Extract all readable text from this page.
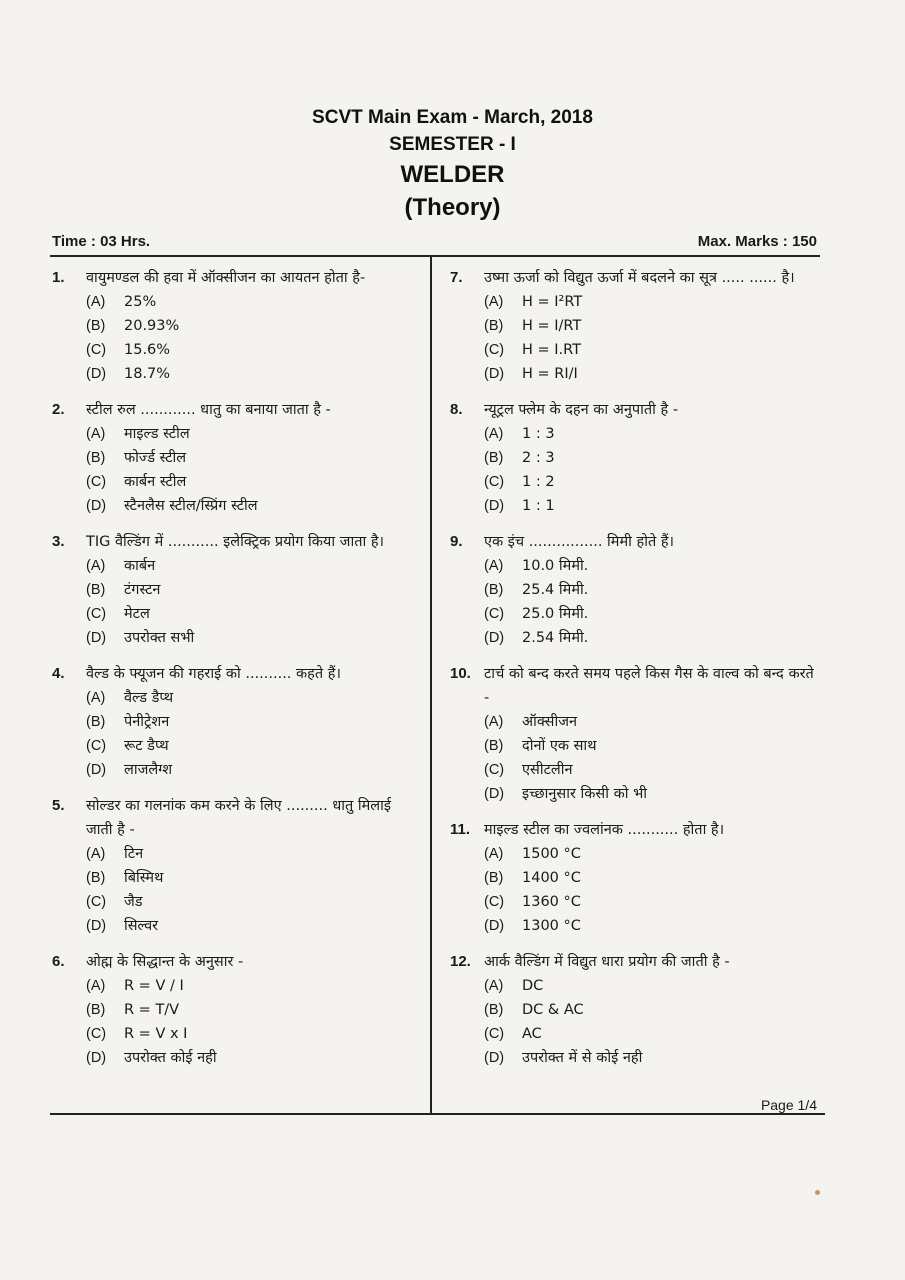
SCVT Main Exam - March, 2018
SEMESTER - I
WELDER
(Theory)
Time : 03 Hrs.	Max. Marks : 150
1.	वायुमण्डल की हवा में ऑक्सीजन का आयतन होता है-
(A)	25%
(B)	20.93%
(C)	15.6%
(D)	18.7%
2.	स्टील रुल ............ धातु का बनाया जाता है -
(A)	माइल्ड स्टील
(B)	फोर्ज्ड स्टील
(C)	कार्बन स्टील
(D)	स्टैनलैस स्टील/स्प्रिंग स्टील
3.	TIG वैल्डिंग में ........... इलेक्ट्रिक प्रयोग किया जाता है।
(A)	कार्बन
(B)	टंगस्टन
(C)	मेटल
(D)	उपरोक्त सभी
4.	वैल्ड के फ्यूजन की गहराई को .......... कहते हैं।
(A)	वैल्ड डैप्थ
(B)	पेनीट्रेशन
(C)	रूट डैप्थ
(D)	लाजलैग्श
5.	सोल्डर का गलनांक कम करने के लिए ......... धातु मिलाई जाती है -
(A)	टिन
(B)	बिस्मिथ
(C)	जैड
(D)	सिल्वर
6.	ओह्म के सिद्धान्त के अनुसार -
(A)	R = V / I
(B)	R = T/V
(C)	R = V x I
(D)	उपरोक्त कोई नही
7.	उष्मा ऊर्जा को विद्युत ऊर्जा में बदलने का सूत्र ..... ...... है।
(A)	H = I²RT
(B)	H = I/RT
(C)	H = I.RT
(D)	H = RI/I
8.	न्यूट्रल फ्लेम के दहन का अनुपाती है -
(A)	1 : 3
(B)	2 : 3
(C)	1 : 2
(D)	1 : 1
9.	एक इंच ................ मिमी होते हैं।
(A)	10.0 मिमी.
(B)	25.4 मिमी.
(C)	25.0 मिमी.
(D)	2.54 मिमी.
10. टार्च को बन्द करते समय पहले किस गैस के वाल्व को बन्द करते -
(A)	ऑक्सीजन
(B)	दोनों एक साथ
(C)	एसीटलीन
(D)	इच्छानुसार किसी को भी
11. माइल्ड स्टील का ज्वलांनक ........... होता है।
(A)	1500 °C
(B)	1400 °C
(C)	1360 °C
(D)	1300 °C
12. आर्क वैल्डिंग में विद्युत धारा प्रयोग की जाती है -
(A)	DC
(B)	DC & AC
(C)	AC
(D)	उपरोक्त में से कोई नही
Page 1/4
